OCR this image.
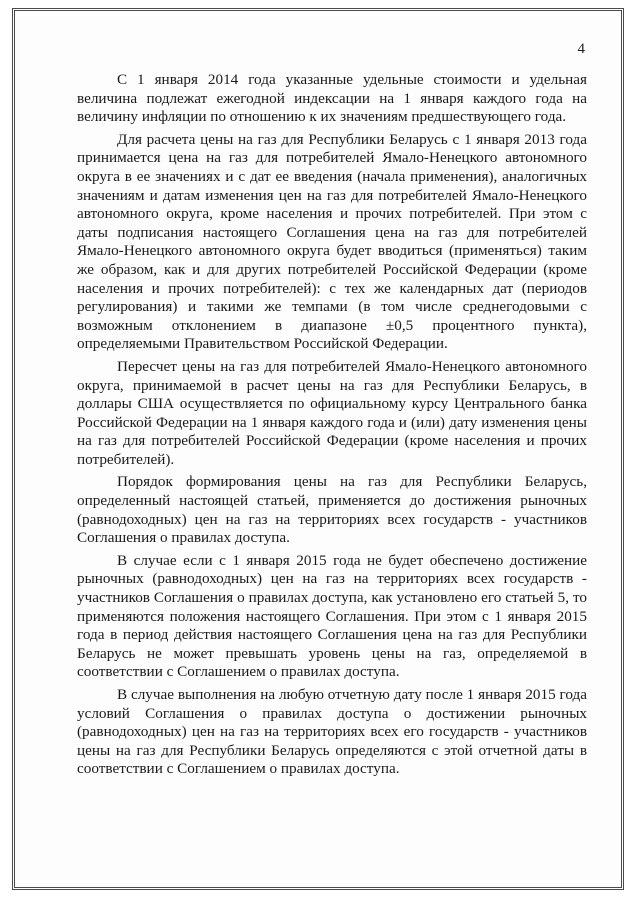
4

С 1 января 2014 года указанные удельные стоимости и удельная величина подлежат ежегодной индексации на 1 января каждого года на величину инфляции по отношению к их значениям предшествующего года.

Для расчета цены на газ для Республики Беларусь с 1 января 2013 года принимается цена на газ для потребителей Ямало-Ненецкого автономного округа в ее значениях и с дат ее введения (начала применения), аналогичных значениям и датам изменения цен на газ для потребителей Ямало-Ненецкого автономного округа, кроме населения и прочих потребителей. При этом с даты подписания настоящего Соглашения цена на газ для потребителей Ямало-Ненецкого автономного округа будет вводиться (применяться) таким же образом, как и для других потребителей Российской Федерации (кроме населения и прочих потребителей): с тех же календарных дат (периодов регулирования) и такими же темпами (в том числе среднегодовыми с возможным отклонением в диапазоне ±0,5 процентного пункта), определяемыми Правительством Российской Федерации.

Пересчет цены на газ для потребителей Ямало-Ненецкого автономного округа, принимаемой в расчет цены на газ для Республики Беларусь, в доллары США осуществляется по официальному курсу Центрального банка Российской Федерации на 1 января каждого года и (или) дату изменения цены на газ для потребителей Российской Федерации (кроме населения и прочих потребителей).

Порядок формирования цены на газ для Республики Беларусь, определенный настоящей статьей, применяется до достижения рыночных (равнодоходных) цен на газ на территориях всех государств - участников Соглашения о правилах доступа.

В случае если с 1 января 2015 года не будет обеспечено достижение рыночных (равнодоходных) цен на газ на территориях всех государств - участников Соглашения о правилах доступа, как установлено его статьей 5, то применяются положения настоящего Соглашения. При этом с 1 января 2015 года в период действия настоящего Соглашения цена на газ для Республики Беларусь не может превышать уровень цены на газ, определяемой в соответствии с Соглашением о правилах доступа.

В случае выполнения на любую отчетную дату после 1 января 2015 года условий Соглашения о правилах доступа о достижении рыночных (равнодоходных) цен на газ на территориях всех его государств - участников цены на газ для Республики Беларусь определяются с этой отчетной даты в соответствии с Соглашением о правилах доступа.
